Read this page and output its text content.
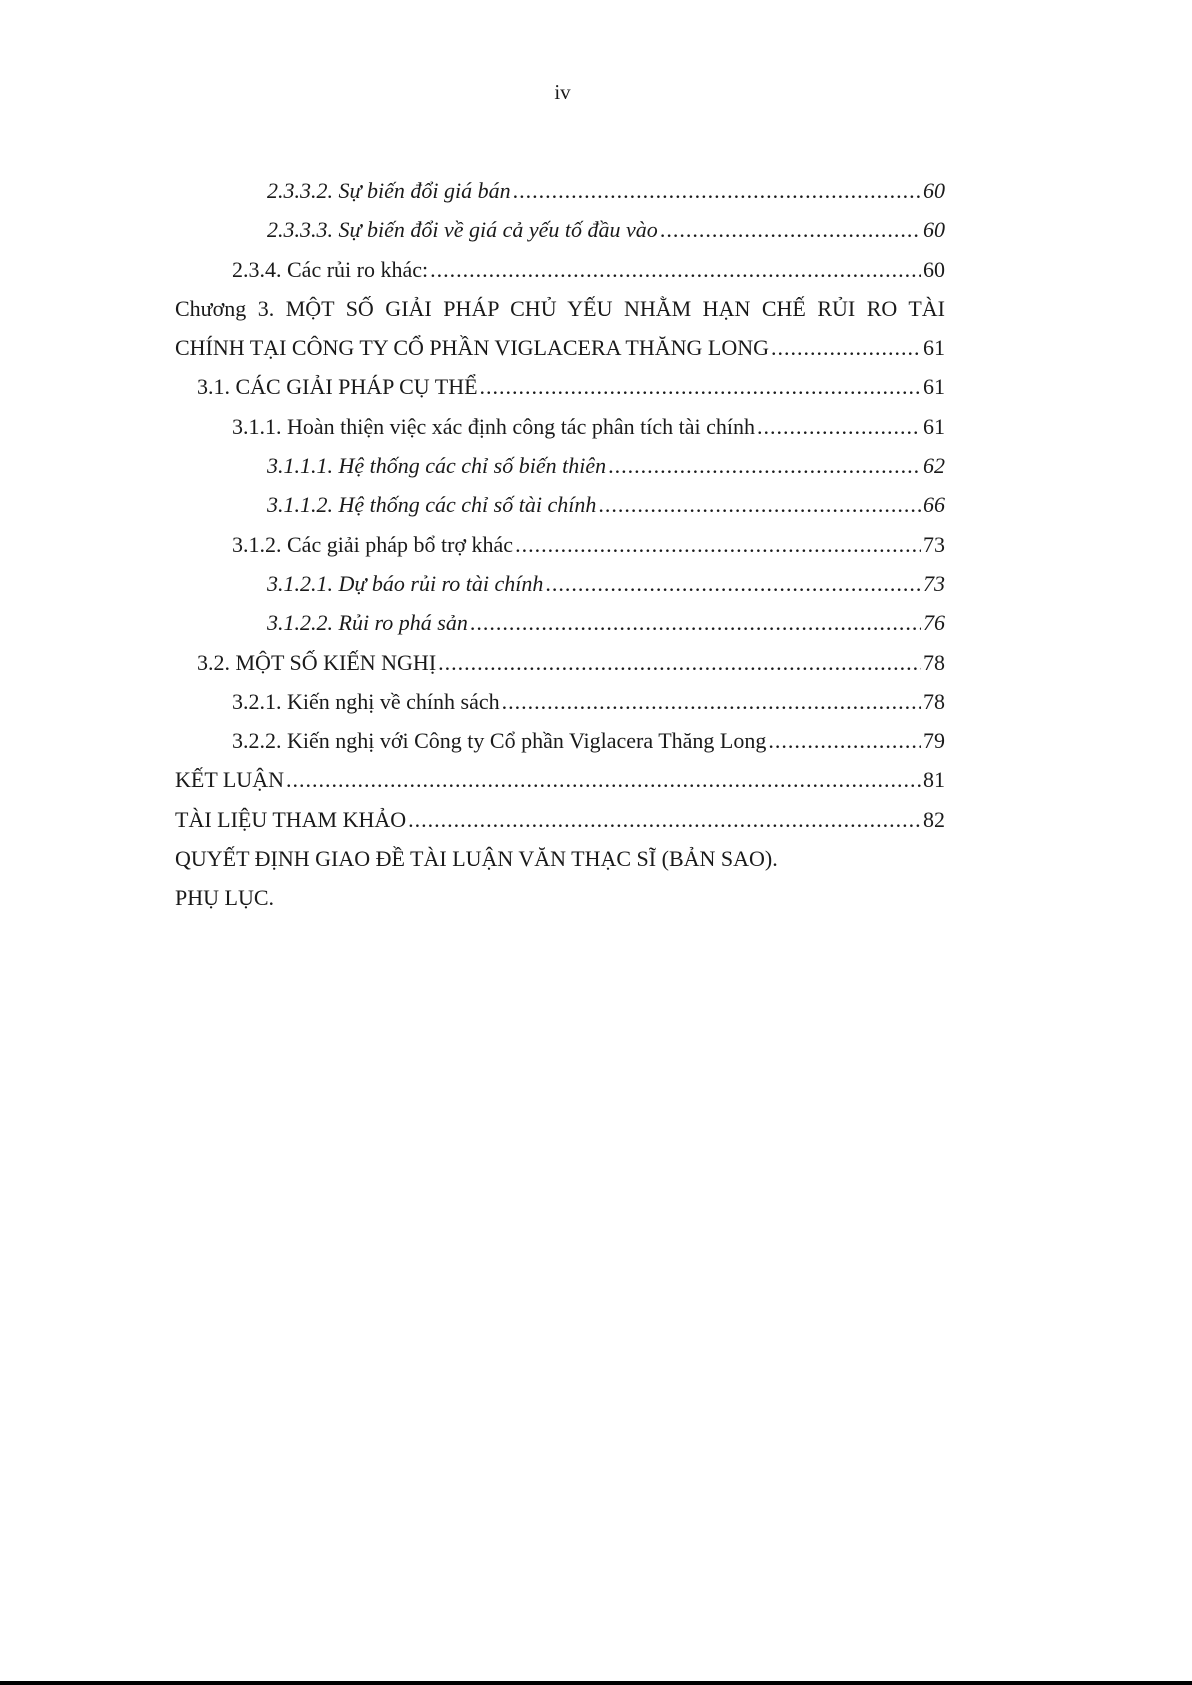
iv
2.3.3.2. Sự biến đổi giá bán .....	60
2.3.3.3. Sự biến đổi về giá cả yếu tố đầu vào .....	60
2.3.4. Các rủi ro khác: .....	60
Chương 3. MỘT SỐ GIẢI PHÁP CHỦ YẾU NHẰM HẠN CHẾ RỦI RO TÀI
CHÍNH TẠI CÔNG TY CỔ PHẦN VIGLACERA THĂNG LONG .....	61
3.1. CÁC GIẢI PHÁP CỤ THỂ .....	61
3.1.1. Hoàn thiện việc xác định công tác phân tích tài chính .....	61
3.1.1.1. Hệ thống các chỉ số biến thiên .....	62
3.1.1.2. Hệ thống các chỉ số tài chính .....	66
3.1.2. Các giải pháp bổ trợ khác .....	73
3.1.2.1. Dự báo rủi ro tài chính .....	73
3.1.2.2. Rủi ro phá sản .....	76
3.2. MỘT SỐ KIẾN NGHỊ .....	78
3.2.1. Kiến nghị về chính sách .....	78
3.2.2. Kiến nghị với Công ty Cổ phần Viglacera Thăng Long .....	79
KẾT LUẬN .....	81
TÀI LIỆU THAM KHẢO .....	82
QUYẾT ĐỊNH GIAO ĐỀ TÀI LUẬN VĂN THẠC SĨ (BẢN SAO).
PHỤ LỤC.
